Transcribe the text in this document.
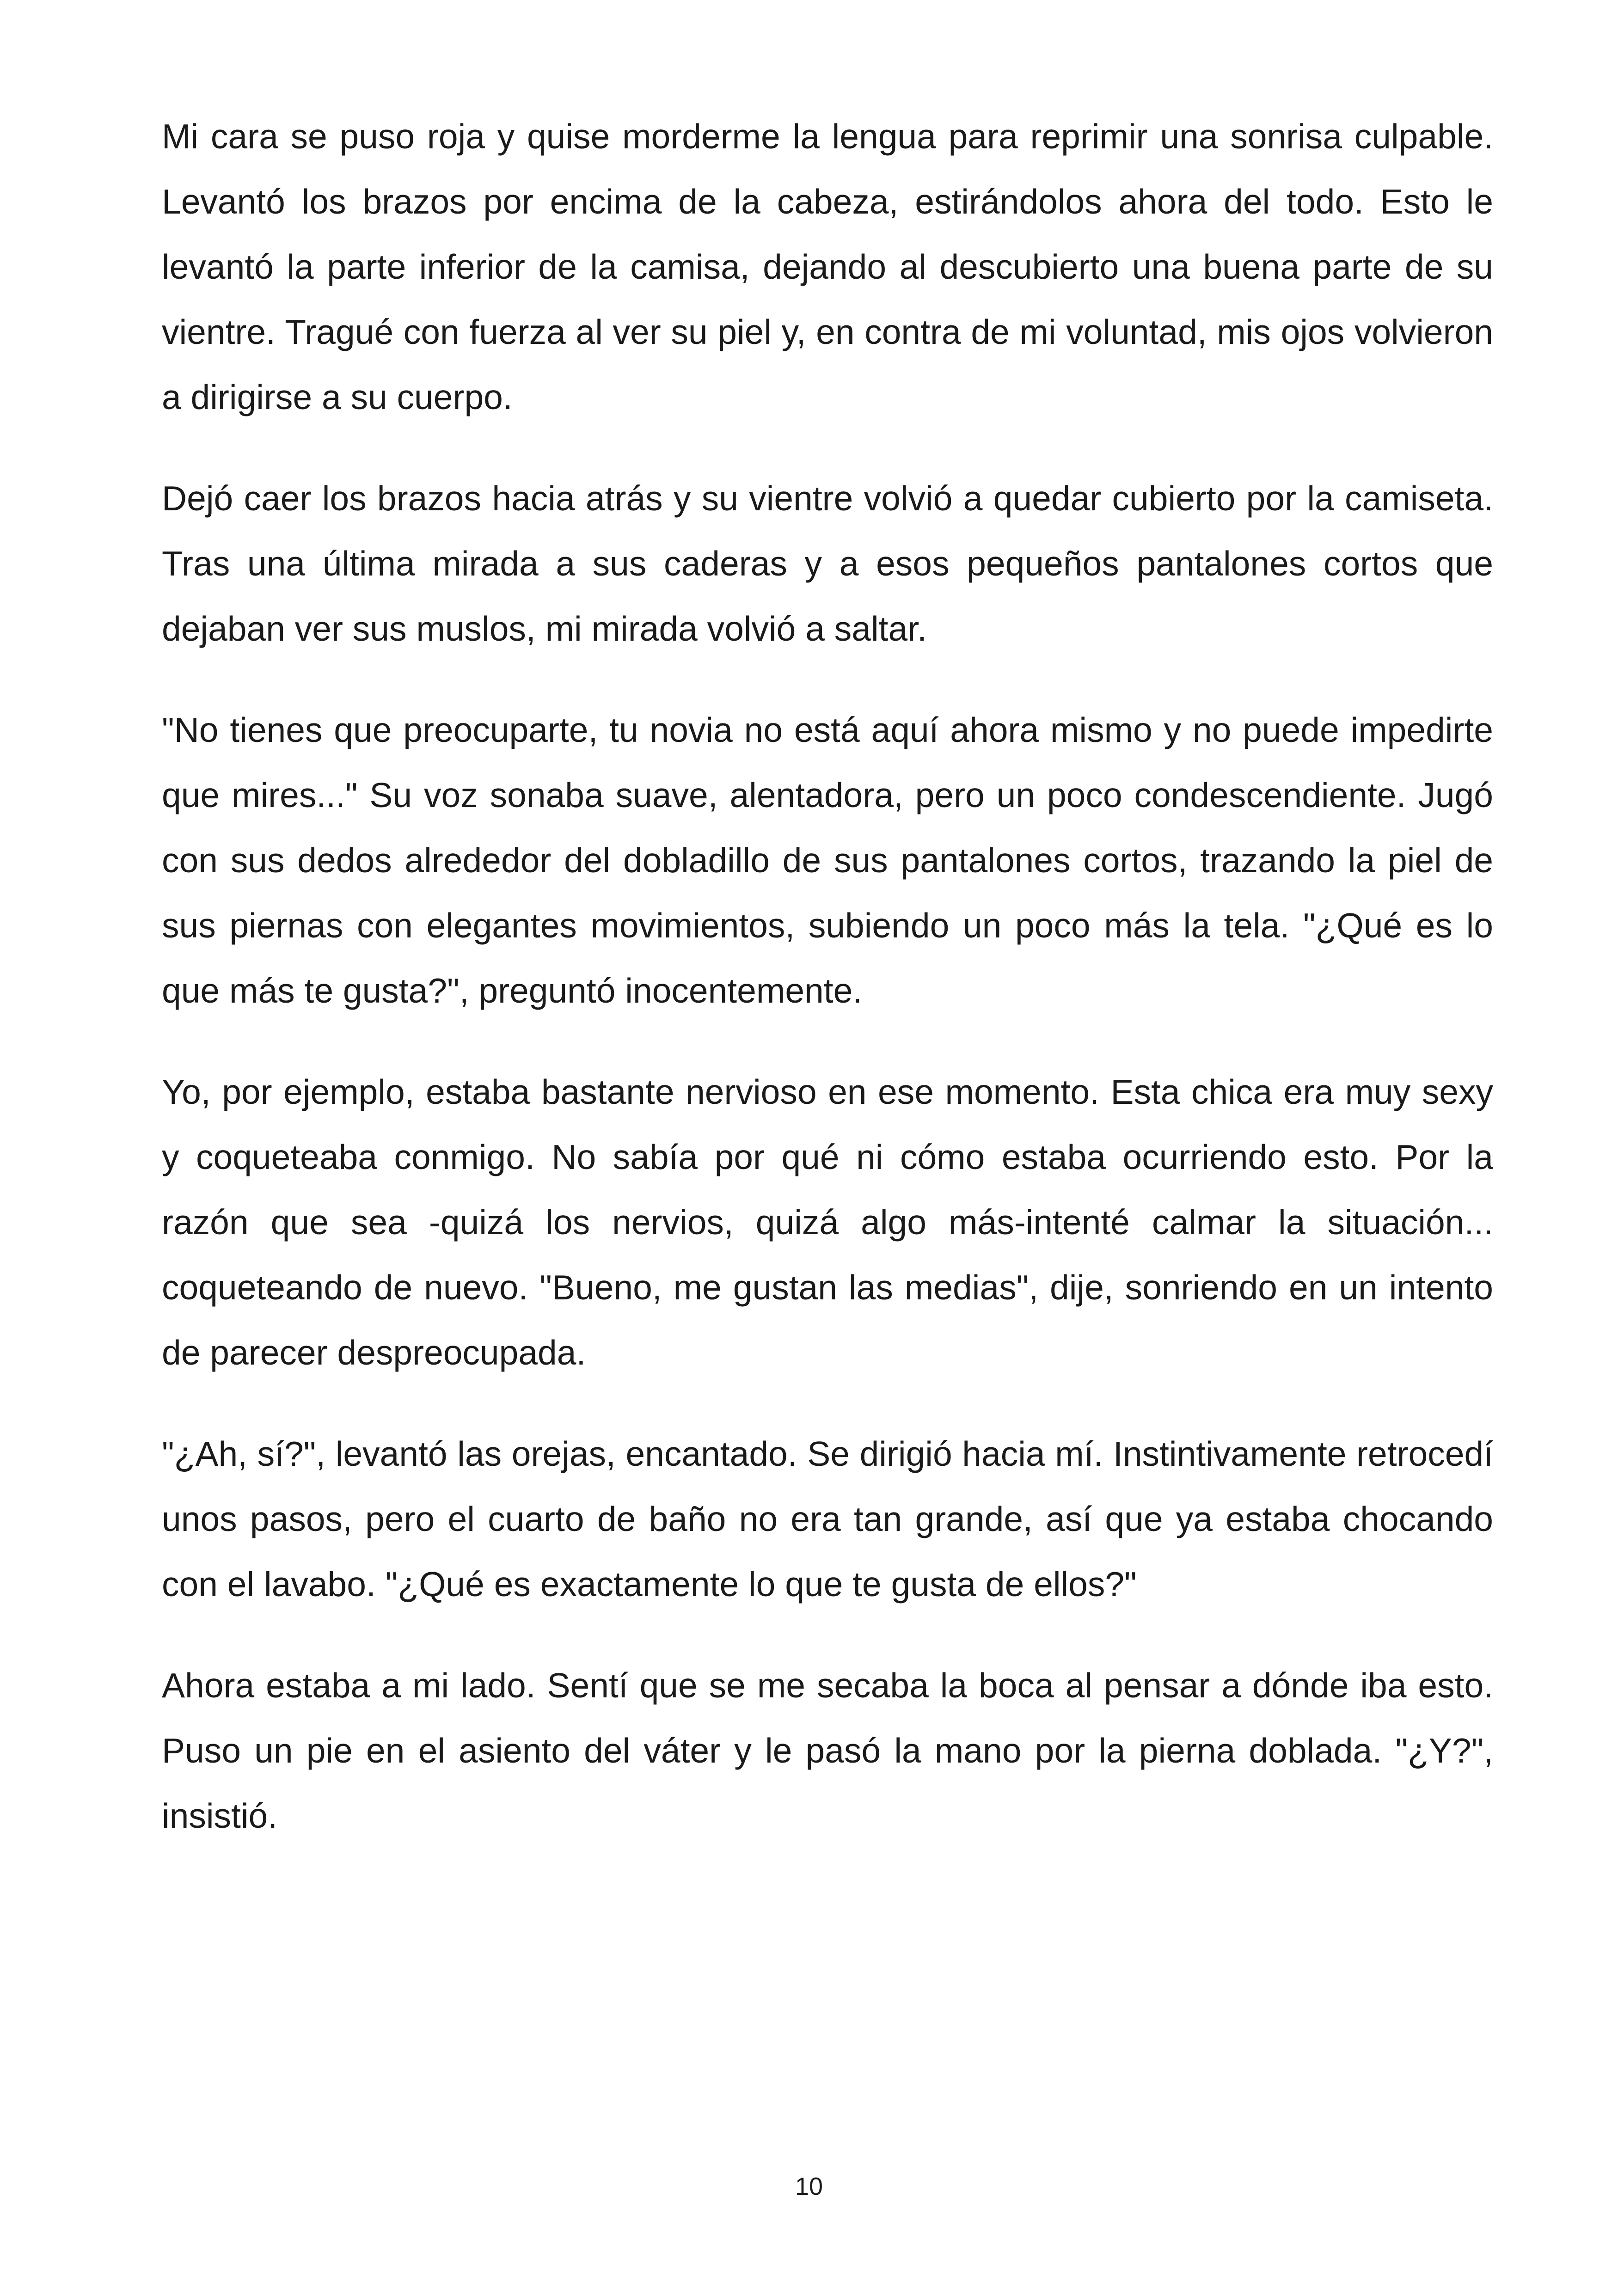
Mi cara se puso roja y quise morderme la lengua para reprimir una sonrisa culpable. Levantó los brazos por encima de la cabeza, estirándolos ahora del todo. Esto le levantó la parte inferior de la camisa, dejando al descubierto una buena parte de su vientre. Tragué con fuerza al ver su piel y, en contra de mi voluntad, mis ojos volvieron a dirigirse a su cuerpo.

Dejó caer los brazos hacia atrás y su vientre volvió a quedar cubierto por la camiseta. Tras una última mirada a sus caderas y a esos pequeños pantalones cortos que dejaban ver sus muslos, mi mirada volvió a saltar.

"No tienes que preocuparte, tu novia no está aquí ahora mismo y no puede impedirte que mires..." Su voz sonaba suave, alentadora, pero un poco condescendiente. Jugó con sus dedos alrededor del dobladillo de sus pantalones cortos, trazando la piel de sus piernas con elegantes movimientos, subiendo un poco más la tela. "¿Qué es lo que más te gusta?", preguntó inocentemente.

Yo, por ejemplo, estaba bastante nervioso en ese momento. Esta chica era muy sexy y coqueteaba conmigo. No sabía por qué ni cómo estaba ocurriendo esto. Por la razón que sea -quizá los nervios, quizá algo más-intenté calmar la situación... coqueteando de nuevo. "Bueno, me gustan las medias", dije, sonriendo en un intento de parecer despreocupada.

"¿Ah, sí?", levantó las orejas, encantado. Se dirigió hacia mí. Instintivamente retrocedí unos pasos, pero el cuarto de baño no era tan grande, así que ya estaba chocando con el lavabo. "¿Qué es exactamente lo que te gusta de ellos?"

Ahora estaba a mi lado. Sentí que se me secaba la boca al pensar a dónde iba esto. Puso un pie en el asiento del váter y le pasó la mano por la pierna doblada. "¿Y?", insistió.

10
